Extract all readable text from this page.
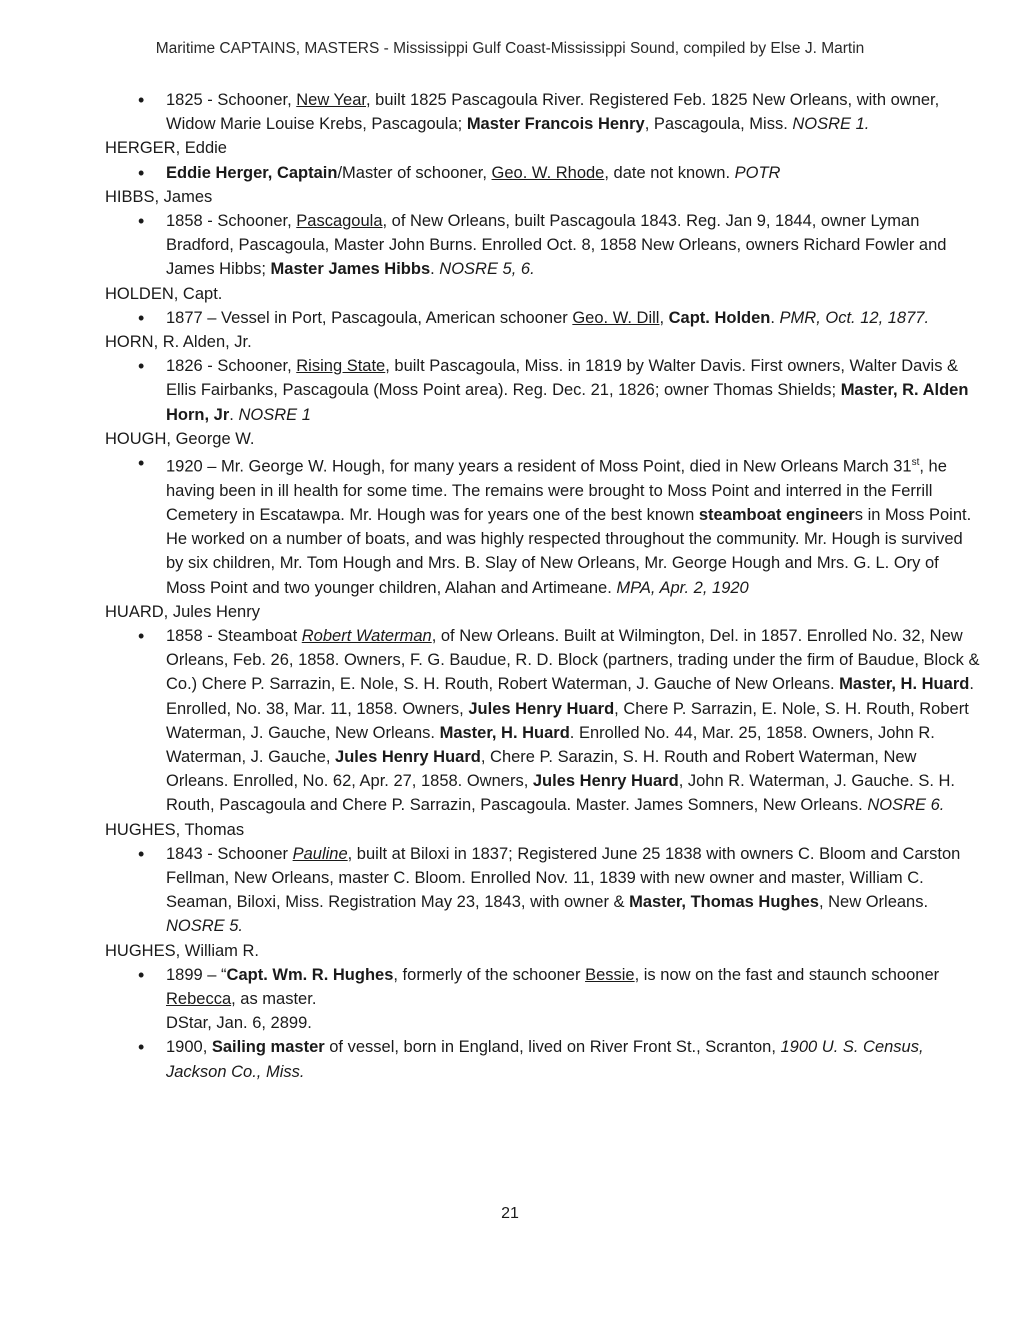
Maritime CAPTAINS, MASTERS - Mississippi Gulf Coast-Mississippi Sound, compiled by Else J. Martin
• 1825 - Schooner, New Year, built 1825 Pascagoula River. Registered Feb. 1825 New Orleans, with owner, Widow Marie Louise Krebs, Pascagoula; Master Francois Henry, Pascagoula, Miss. NOSRE 1.
HERGER, Eddie
• Eddie Herger, Captain/Master of schooner, Geo. W. Rhode, date not known. POTR
HIBBS, James
• 1858 - Schooner, Pascagoula, of New Orleans, built Pascagoula 1843. Reg. Jan 9, 1844, owner Lyman Bradford, Pascagoula, Master John Burns. Enrolled Oct. 8, 1858 New Orleans, owners Richard Fowler and James Hibbs; Master James Hibbs. NOSRE 5, 6.
HOLDEN, Capt.
• 1877 – Vessel in Port, Pascagoula, American schooner Geo. W. Dill, Capt. Holden. PMR, Oct. 12, 1877.
HORN, R. Alden, Jr.
• 1826 - Schooner, Rising State, built Pascagoula, Miss. in 1819 by Walter Davis. First owners, Walter Davis & Ellis Fairbanks, Pascagoula (Moss Point area). Reg. Dec. 21, 1826; owner Thomas Shields; Master, R. Alden Horn, Jr. NOSRE 1
HOUGH, George W.
• 1920 – Mr. George W. Hough, for many years a resident of Moss Point, died in New Orleans March 31st, he having been in ill health for some time. The remains were brought to Moss Point and interred in the Ferrill Cemetery in Escatawpa. Mr. Hough was for years one of the best known steamboat engineers in Moss Point. He worked on a number of boats, and was highly respected throughout the community. Mr. Hough is survived by six children, Mr. Tom Hough and Mrs. B. Slay of New Orleans, Mr. George Hough and Mrs. G. L. Ory of Moss Point and two younger children, Alahan and Artimeane. MPA, Apr. 2, 1920
HUARD, Jules Henry
• 1858 - Steamboat Robert Waterman, of New Orleans. Built at Wilmington, Del. in 1857. Enrolled No. 32, New Orleans, Feb. 26, 1858. Owners, F. G. Baudue, R. D. Block (partners, trading under the firm of Baudue, Block & Co.) Chere P. Sarrazin, E. Nole, S. H. Routh, Robert Waterman, J. Gauche of New Orleans. Master, H. Huard. Enrolled, No. 38, Mar. 11, 1858. Owners, Jules Henry Huard, Chere P. Sarrazin, E. Nole, S. H. Routh, Robert Waterman, J. Gauche, New Orleans. Master, H. Huard. Enrolled No. 44, Mar. 25, 1858. Owners, John R. Waterman, J. Gauche, Jules Henry Huard, Chere P. Sarazin, S. H. Routh and Robert Waterman, New Orleans. Enrolled, No. 62, Apr. 27, 1858. Owners, Jules Henry Huard, John R. Waterman, J. Gauche. S. H. Routh, Pascagoula and Chere P. Sarrazin, Pascagoula. Master. James Somners, New Orleans. NOSRE 6.
HUGHES, Thomas
• 1843 - Schooner Pauline, built at Biloxi in 1837; Registered June 25 1838 with owners C. Bloom and Carston Fellman, New Orleans, master C. Bloom. Enrolled Nov. 11, 1839 with new owner and master, William C. Seaman, Biloxi, Miss. Registration May 23, 1843, with owner & Master, Thomas Hughes, New Orleans. NOSRE 5.
HUGHES, William R.
• 1899 – “Capt. Wm. R. Hughes, formerly of the schooner Bessie, is now on the fast and staunch schooner Rebecca, as master.
DStar, Jan. 6, 2899.
• 1900, Sailing master of vessel, born in England, lived on River Front St., Scranton, 1900 U. S. Census, Jackson Co., Miss.
21
